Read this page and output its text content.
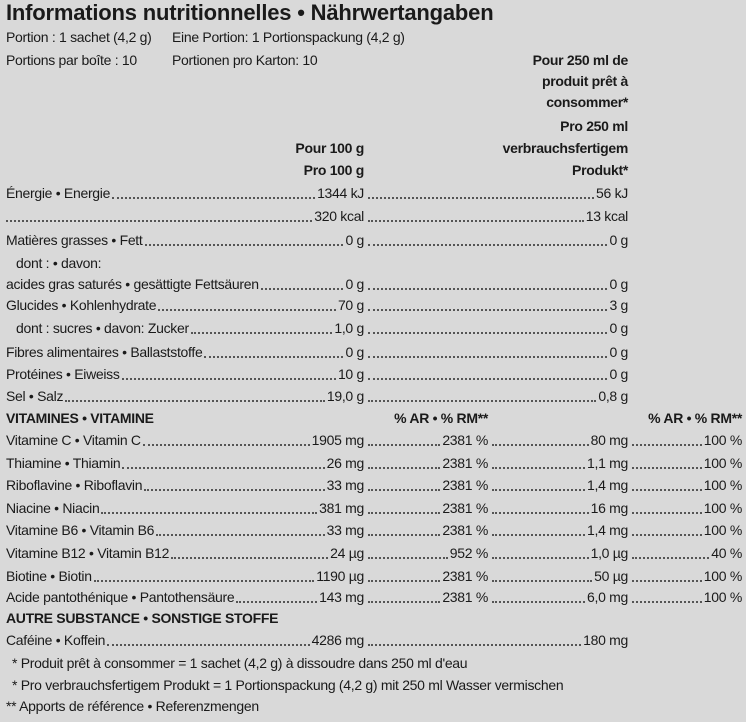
Informations nutritionnelles • Nährwertangaben
Portion : 1 sachet (4,2 g) Eine Portion: 1 Portionspackung (4,2 g)
Portions par boîte : 10	Portionen pro Karton: 10	Pour 250 ml de
produit prêt à
consommer*
Pro 250 ml
verbrauchsfertigem
Produkt*
Pour 100 g
Pro 100 g
Énergie • Energie	1344 kJ	56 kJ
320 kcal	13 kcal
Matières grasses • Fett	0 g	0 g
dont : • davon:
acides gras saturés • gesättigte Fettsäuren	0 g	0 g
Glucides • Kohlenhydrate	70 g	3 g
dont : sucres • davon: Zucker	1,0 g	0 g
Fibres alimentaires • Ballaststoffe	0 g	0 g
Protéines • Eiweiss	10 g	0 g
Sel • Salz	19,0 g	0,8 g
VITAMINES • VITAMINE	% AR • % RM**	% AR • % RM**
Vitamine C • Vitamin C	1905 mg	2381 %	80 mg	100 %
Thiamine • Thiamin	26 mg	2381 %	1,1 mg	100 %
Riboflavine • Riboflavin	33 mg	2381 %	1,4 mg	100 %
Niacine • Niacin	381 mg	2381 %	16 mg	100 %
Vitamine B6 • Vitamin B6	33 mg	2381 %	1,4 mg	100 %
Vitamine B12 • Vitamin B12	24 µg	952 %	1,0 µg	40 %
Biotine • Biotin	1190 µg	2381 %	50 µg	100 %
Acide pantothénique • Pantothensäure	143 mg	2381 %	6,0 mg	100 %
AUTRE SUBSTANCE • SONSTIGE STOFFE
Caféine • Koffein	4286 mg	180 mg
* Produit prêt à consommer = 1 sachet (4,2 g) à dissoudre dans 250 ml d'eau
* Pro verbrauchsfertigem Produkt = 1 Portionspackung (4,2 g) mit 250 ml Wasser vermischen
** Apports de référence • Referenzmengen
